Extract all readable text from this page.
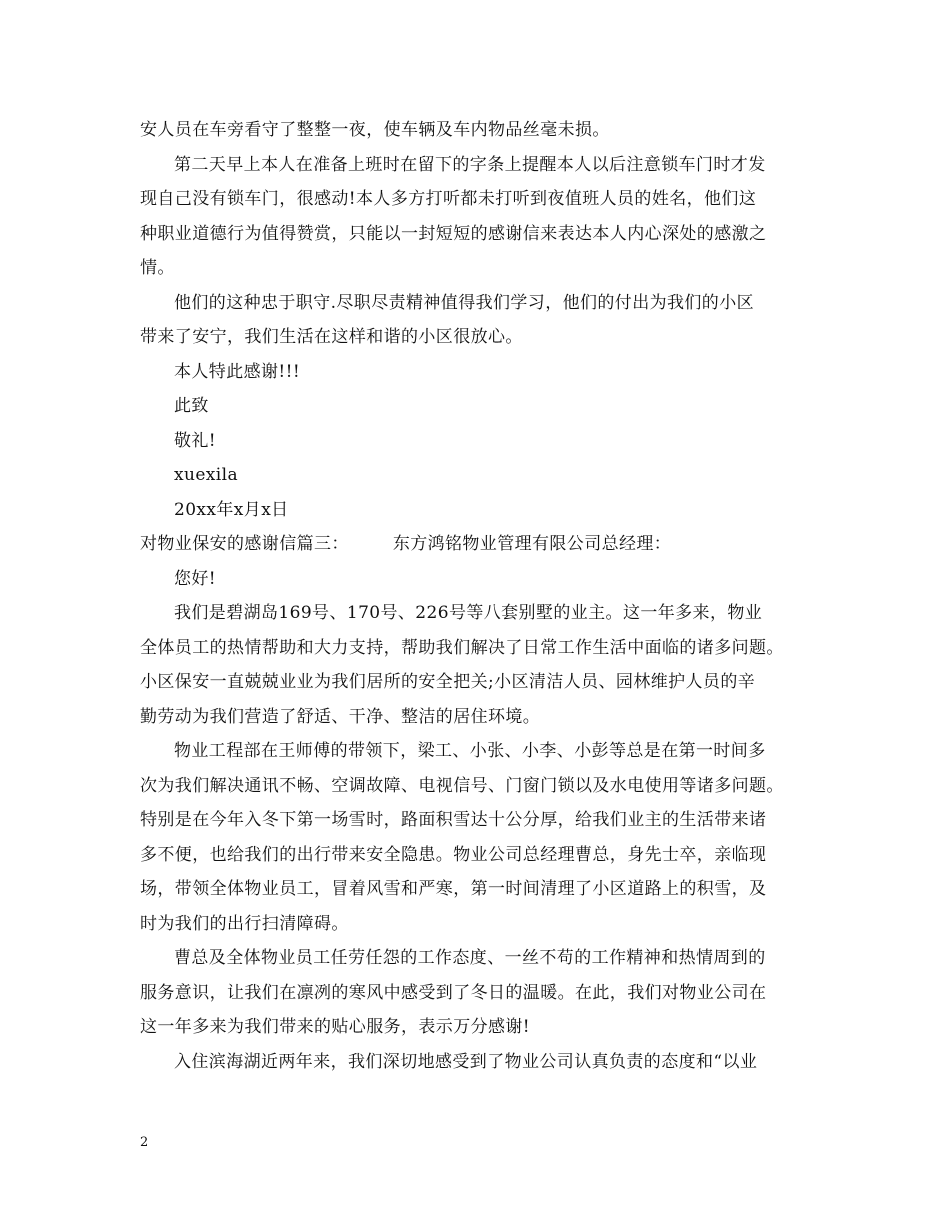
安人员在车旁看守了整整一夜，使车辆及车内物品丝毫未损。
第二天早上本人在准备上班时在留下的字条上提醒本人以后注意锁车门时才发
现自己没有锁车门，很感动!本人多方打听都未打听到夜值班人员的姓名，他们这
种职业道德行为值得赞赏，只能以一封短短的感谢信来表达本人内心深处的感激之
情。
他们的这种忠于职守.尽职尽责精神值得我们学习，他们的付出为我们的小区
带来了安宁，我们生活在这样和谐的小区很放心。
本人特此感谢!!!
此致
敬礼!
xuexila
20xx年x月x日
对物业保安的感谢信篇三：	东方鸿铭物业管理有限公司总经理：
您好!
我们是碧湖岛169号、170号、226号等八套别墅的业主。这一年多来，物业
全体员工的热情帮助和大力支持，帮助我们解决了日常工作生活中面临的诸多问题。
小区保安一直兢兢业业为我们居所的安全把关;小区清洁人员、园林维护人员的辛
勤劳动为我们营造了舒适、干净、整洁的居住环境。
物业工程部在王师傅的带领下，梁工、小张、小李、小彭等总是在第一时间多
次为我们解决通讯不畅、空调故障、电视信号、门窗门锁以及水电使用等诸多问题。
特别是在今年入冬下第一场雪时，路面积雪达十公分厚，给我们业主的生活带来诸
多不便，也给我们的出行带来安全隐患。物业公司总经理曹总，身先士卒，亲临现
场，带领全体物业员工，冒着风雪和严寒，第一时间清理了小区道路上的积雪，及
时为我们的出行扫清障碍。
曹总及全体物业员工任劳任怨的工作态度、一丝不苟的工作精神和热情周到的
服务意识，让我们在凛冽的寒风中感受到了冬日的温暖。在此，我们对物业公司在
这一年多来为我们带来的贴心服务，表示万分感谢!
入住滨海湖近两年来，我们深切地感受到了物业公司认真负责的态度和“以业
2
